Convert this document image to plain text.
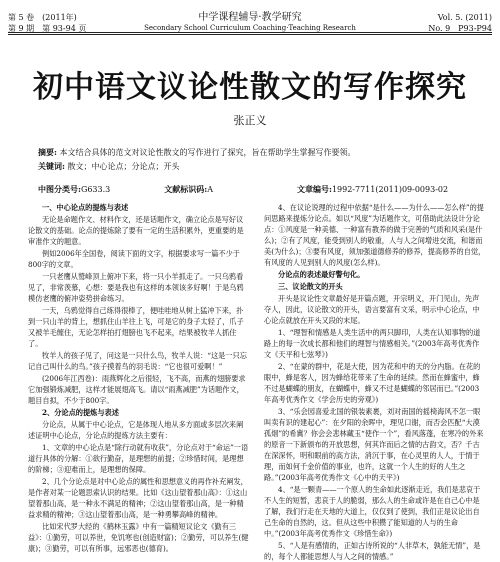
第 5 卷　(2011年)
第 9 期　第 93-94 页
中学课程辅导·教学研究
Secondary School Curriculum Coaching·Teaching Research
Vol. 5. (2011)
No. 9　P93-P94
初中语文议论性散文的写作探究
张正义
摘要: 本文结合具体的范文对议论性散文的写作进行了探究，旨在帮助学生掌握写作要领。
关键词: 散文；中心论点；分论点；开头
中图分类号:G633.3	文献标识码:A	文章编号:1992-7711(2011)09-0093-02

一、中心论点的提炼与表述

无论是命题作文、材料作文，还是话题作文，确立论点是写好议论散文的基础。论点的提炼除了要有一定的生活积累外，更重要的是审准作文的题意。

例如2006年全国卷，阅读下面的文字，根据要求写一篇不少于800字的文章。

一只老鹰从鹫峰顶上俯冲下来，将一只小羊抓走了。一只乌鸦看见了，非常羡慕，心想：要是我也有这样的本领该多好啊！于是乌鸦模仿老鹰的俯冲姿势拼命练习。

一天，乌鸦觉得自己练得很棒了，便哇哇地从树上猛冲下来，扑到一只山羊的背上，想抓住山羊往上飞，可是它的身子太轻了，爪子又被羊毛缠住，无论怎样拍打翅膀也飞不起来，结果被牧羊人抓住了。

牧羊人的孩子见了，问这是一只什么鸟，牧羊人说：“这是一只忘记自己叫什么的鸟。”孩子摸着鸟的羽毛说：“它也很可爱啊！”

(2006年江西卷)：雨燕辉化之后很轻，飞不高，而燕的翅膀要求它加强锻炼减肥，这样才能展翅高飞。请以“雨燕减肥”为话题作文，题目自拟，不少于800字。

2、分论点的提炼与表述

分论点，从属于中心论点，它是体现人地从多方面或多层次来阐述证明中心论点，分论点的提炼方法主要有：

1、文章的中心论点是“除行动就有收获”，分论点对于“命运”一语道行具体的分解：①欲行勤奋，是理想的前提；②珍惜时间，是理想的阶梯；③迎难而上，是理想的保障。

2、几个分论点是对中心论点的属性和思想意义的再作补充阐发，是作者对某一论题思索认识的结果。比如《这山望着那山高》：①这山望着那山高，是一种永不满足的精神；②这山望着那山高，是一种精益求精的精神；③这山望着那山高，是一种勇攀高峰的精神。

比如宋代罗大经的《鹤林玉露》中有一篇精短议论文《勤有三益》：①勤劳，可以养世，免饥寒也(创造财富)；②勤劳，可以养生(健康)；③勤劳，可以有所事，远邪恶也(德育)。

4、在议论说理的过程中依据“是什么——为什么——怎么样”的提问思路来提炼分论点。如以“风度”为话题作文，可借助此法设计分论点：①风度是一种美德、一种富有教养的做于完善的气质和风采(是什么)；②有了风度，能受到别人的敬重，人与人之间增进交流，和谐而美(为什么)；③要有风度，须加强道德修养的修养，提高修养的自觉，有风度的人见到别人的风度(怎么样)。

分论点的表述最好警句化。

三、议论散文的开头

开头是议论性文章最好是开篇点题，开宗明义，开门见山，先声夺人，因此，议论散文的开头，语言要富有文采，明示中心论点，中心论点就放在开头又段的末尾。

1、“理智和情感是人类生活中的两只脚印，人类在认知事物的道路上的每一次成长都和他们的理智与情感相关。”(2003年高考优秀作文《天平和七弦琴》)

2、“在蒙的群中，花是大使，因为花和中的天的分内脂。在花的眼中，蜂是客人，因为蜂给花带来了生命的延续。然而在蜂蜜中，蜂不过是蝴蝶的朋友，在蝴蝶中，蜂又不过是蝴蝶的邻居而已。”(2003年高考优秀作文《学会历史的旁观》)

3、“乐会园喜爱北国的银装素裹，刘对南国的摇椅海风不怎一眼叫卖有识的建起心”：在夕阳的余晖中，理见口谢，而否会匹配“大漠孤烟”的希冀？你会会悲林藏玉“使作一个”，看风落蓬，在寒冷的外来的原音一下新颁布的开放思想，何其诈而后之情的古韵文，否？千古在深深怀，明和眼前的高方法，消沉于事，在心灵里的人人，于情于理，而如何千金价值的事业，也许，这就一个人生的好的人生之路。”(2003年高考优秀作文《心中的天平》)

4、“是一颗青——一个原人的生命如此逐渐走近，我们是悲哀于不人生的短暂，悲哀于人的脆弱，那么人的生命或许是在自己心中是了解，我们行走在天地的大道上，仅仅到了使到，我们正是议论出自己生命的自然的，这。但从这些中积攒了能知道的人与的生命中。”(2003年高考优秀作文《珍惜生命》)

5、“人是有感情的，正如古诗所说的“人非草木，孰能无情”，是的，每个人都能思想人与人之间的情感。”
